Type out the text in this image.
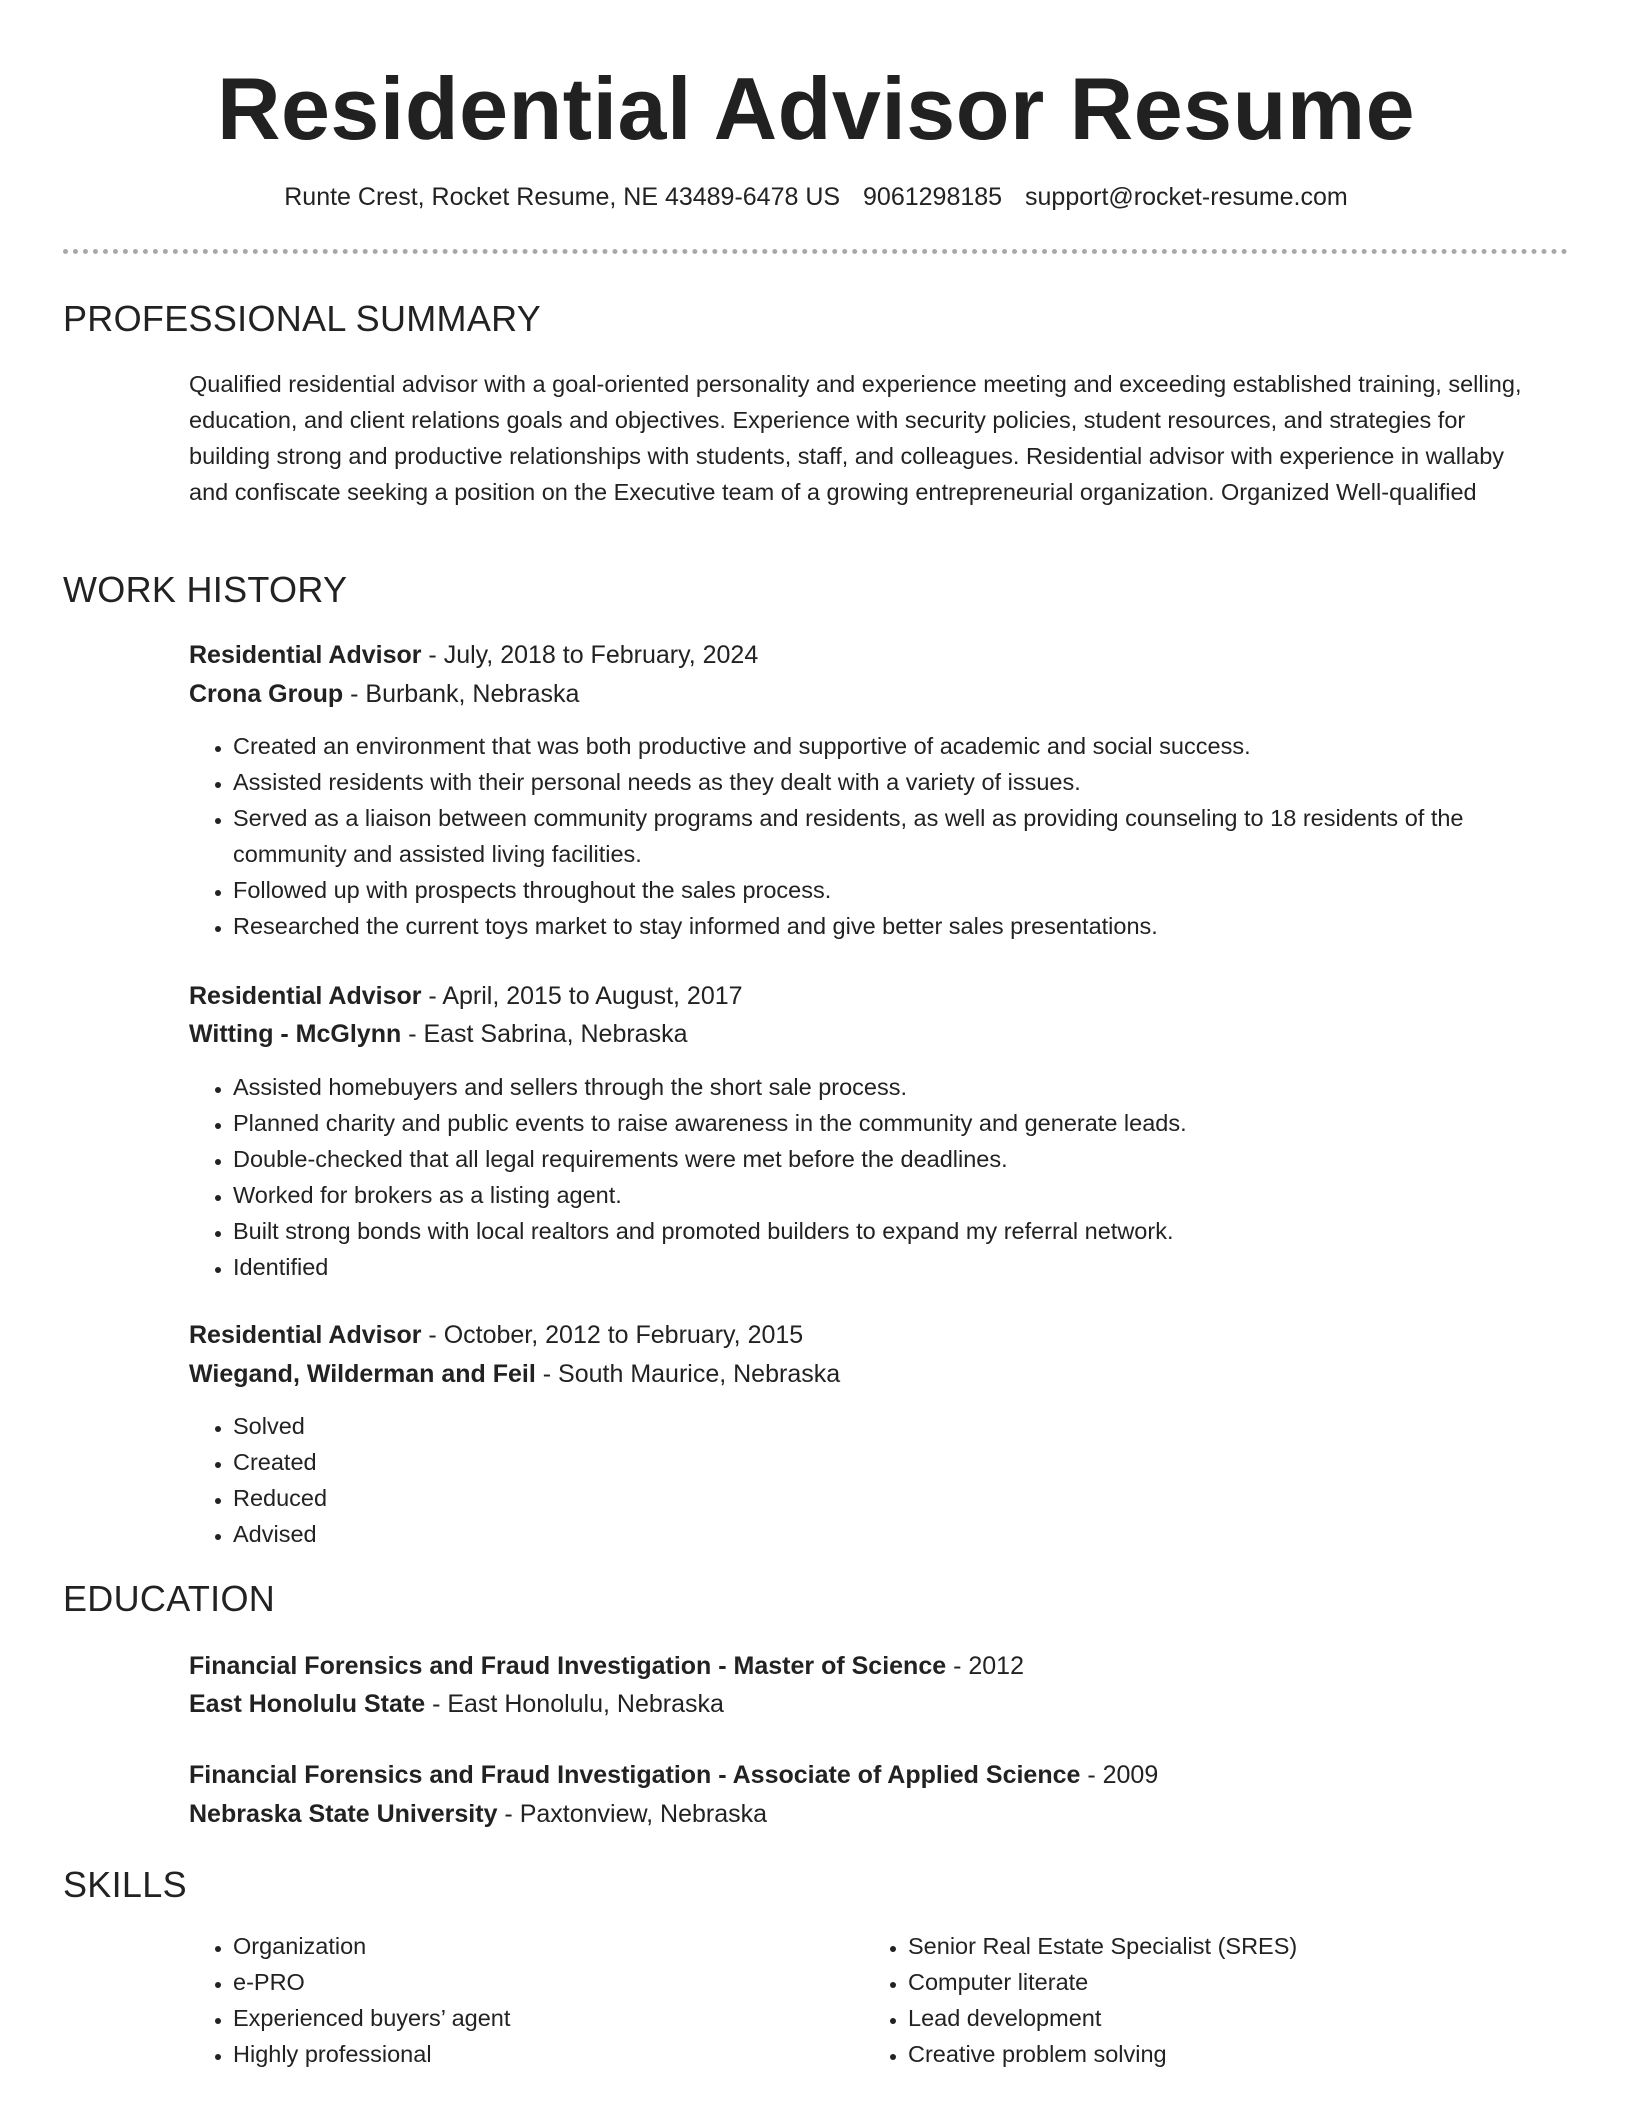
Residential Advisor Resume
Runte Crest, Rocket Resume, NE 43489-6478 US 9061298185 support@rocket-resume.com
PROFESSIONAL SUMMARY

Qualified residential advisor with a goal-oriented personality and experience meeting and exceeding established training, selling, education, and client relations goals and objectives. Experience with security policies, student resources, and strategies for building strong and productive relationships with students, staff, and colleagues. Residential advisor with experience in wallaby and confiscate seeking a position on the Executive team of a growing entrepreneurial organization. Organized Well-qualified

WORK HISTORY
Residential Advisor - July, 2018 to February, 2024
Crona Group - Burbank, Nebraska
• Created an environment that was both productive and supportive of academic and social success.
• Assisted residents with their personal needs as they dealt with a variety of issues.
• Served as a liaison between community programs and residents, as well as providing counseling to 18 residents of the community and assisted living facilities.
• Followed up with prospects throughout the sales process.
• Researched the current toys market to stay informed and give better sales presentations.
Residential Advisor - April, 2015 to August, 2017
Witting - McGlynn - East Sabrina, Nebraska
• Assisted homebuyers and sellers through the short sale process.
• Planned charity and public events to raise awareness in the community and generate leads.
• Double-checked that all legal requirements were met before the deadlines.
• Worked for brokers as a listing agent.
• Built strong bonds with local realtors and promoted builders to expand my referral network.
• Identified
Residential Advisor - October, 2012 to February, 2015
Wiegand, Wilderman and Feil - South Maurice, Nebraska
• Solved
• Created
• Reduced
• Advised
EDUCATION
Financial Forensics and Fraud Investigation - Master of Science - 2012
East Honolulu State - East Honolulu, Nebraska
Financial Forensics and Fraud Investigation - Associate of Applied Science - 2009
Nebraska State University - Paxtonview, Nebraska
SKILLS
• Organization
• e-PRO
• Experienced buyers’ agent
• Highly professional
• Senior Real Estate Specialist (SRES)
• Computer literate
• Lead development
• Creative problem solving
